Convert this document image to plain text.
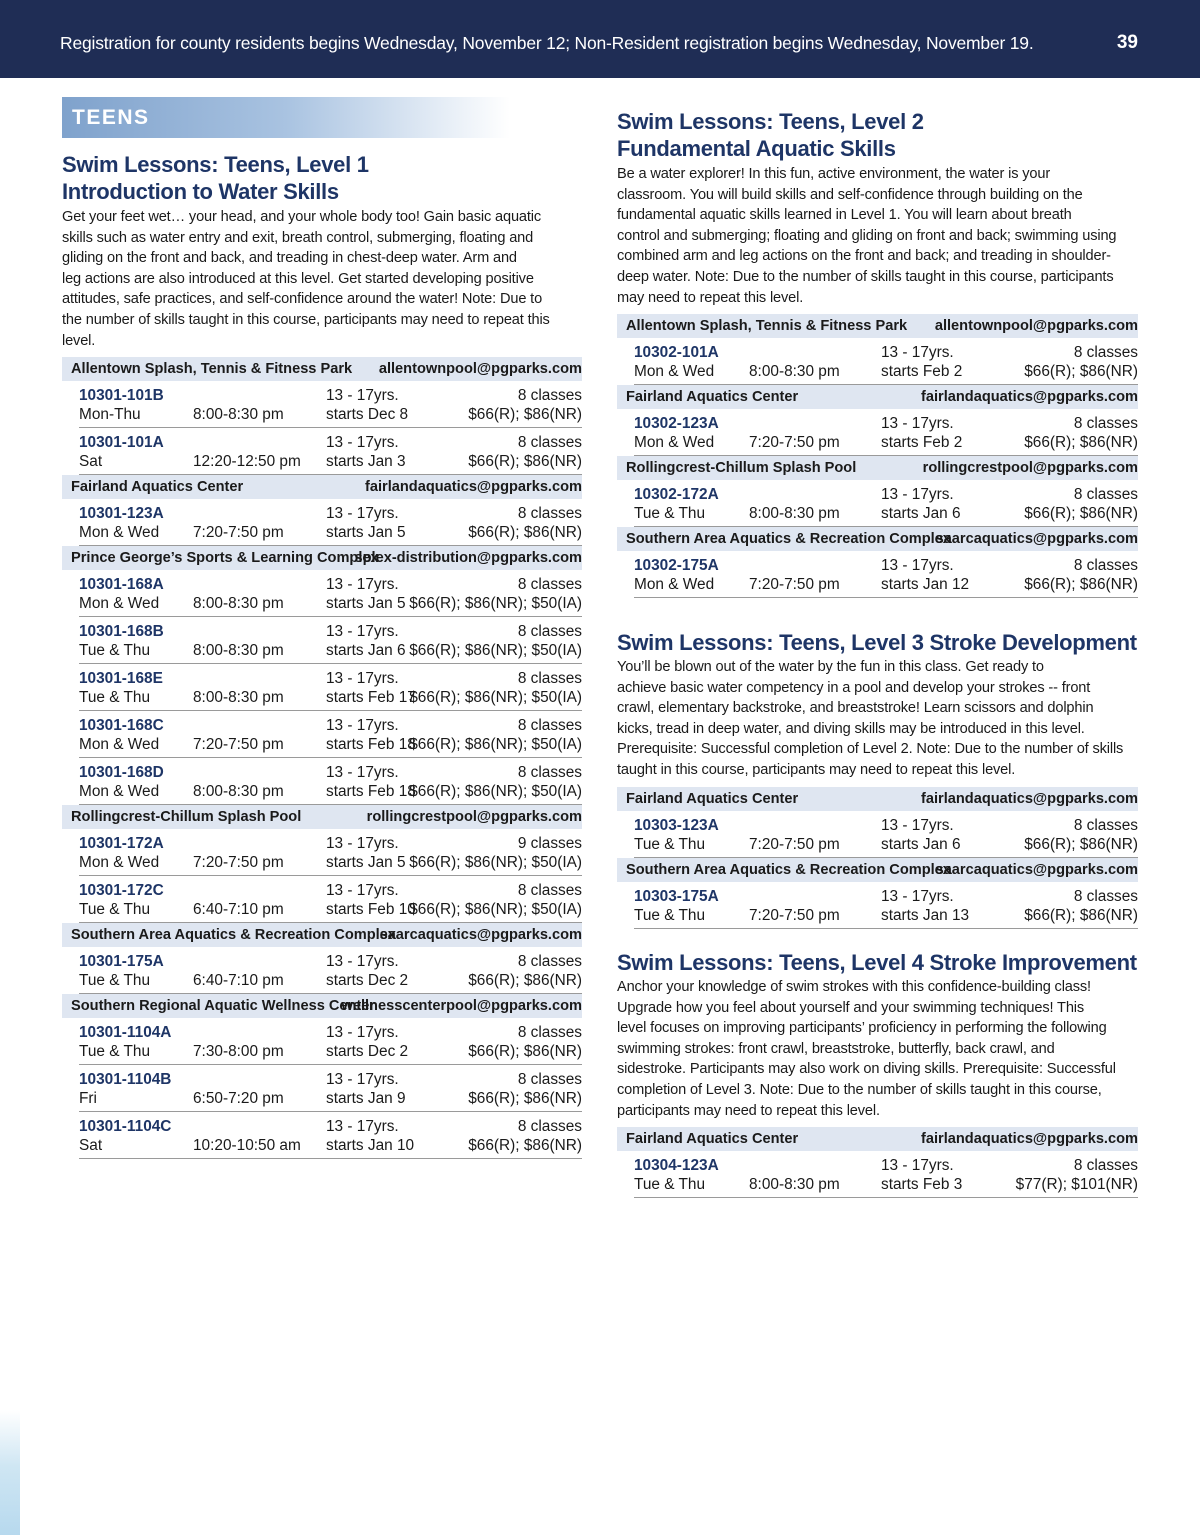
Registration for county residents begins Wednesday, November 12; Non-Resident registration begins Wednesday, November 19.	39
TEENS
Swim Lessons: Teens, Level 1
Introduction to Water Skills
Get your feet wet… your head, and your whole body too! Gain basic aquatic
skills such as water entry and exit, breath control, submerging, floating and
gliding on the front and back, and treading in chest-deep water. Arm and
leg actions are also introduced at this level. Get started developing positive
attitudes, safe practices, and self-confidence around the water! Note: Due to
the number of skills taught in this course, participants may need to repeat this
level.
Allentown Splash, Tennis & Fitness Park allentownpool@pgparks.com
10301-101B
Mon-Thu	8:00-8:30 pm
13 - 17yrs.
starts Dec 8
8 classes
$66(R); $86(NR)
10301-101A
Sat	12:20-12:50 pm
13 - 17yrs.
starts Jan 3
8 classes
$66(R); $86(NR)
Fairland Aquatics Center	fairlandaquatics@pgparks.com
10301-123A
Mon & Wed 7:20-7:50 pm
13 - 17yrs.
starts Jan 5
8 classes
$66(R); $86(NR)
Prince George’s Sports & Learning Complex
splex-distribution@pgparks.com
10301-168A
Mon & Wed 8:00-8:30 pm
13 - 17yrs.
starts Jan 5
8 classes
$66(R); $86(NR); $50(IA)
10301-168B
Tue & Thu	8:00-8:30 pm
13 - 17yrs.
starts Jan 6
8 classes
$66(R); $86(NR); $50(IA)
10301-168E
Tue & Thu	8:00-8:30 pm
13 - 17yrs.
starts Feb 17
8 classes
$66(R); $86(NR); $50(IA)
10301-168C
Mon & Wed 7:20-7:50 pm
13 - 17yrs.
starts Feb 18
8 classes
$66(R); $86(NR); $50(IA)
10301-168D
Mon & Wed 8:00-8:30 pm
13 - 17yrs.
starts Feb 18
8 classes
$66(R); $86(NR); $50(IA)
Rollingcrest-Chillum Splash Pool	rollingcrestpool@pgparks.com
10301-172A
Mon & Wed 7:20-7:50 pm
13 - 17yrs.
starts Jan 5
9 classes
$66(R); $86(NR); $50(IA)
10301-172C
Tue & Thu	6:40-7:10 pm
13 - 17yrs.
starts Feb 10
8 classes
$66(R); $86(NR); $50(IA)
Southern Area Aquatics & Recreation Complex
saarcaquatics@pgparks.com
10301-175A
Tue & Thu	6:40-7:10 pm
13 - 17yrs.
starts Dec 2
8 classes
$66(R); $86(NR)
Southern Regional Aquatic Wellness Center
wellnesscenterpool@pgparks.com
10301-1104A
Tue & Thu	7:30-8:00 pm
13 - 17yrs.
starts Dec 2
8 classes
$66(R); $86(NR)
10301-1104B
Fri	6:50-7:20 pm
13 - 17yrs.
starts Jan 9
8 classes
$66(R); $86(NR)
10301-1104C
Sat	10:20-10:50 am
13 - 17yrs.
starts Jan 10
8 classes
$66(R); $86(NR)
Swim Lessons: Teens, Level 2
Fundamental Aquatic Skills
Be a water explorer! In this fun, active environment, the water is your
classroom. You will build skills and self-confidence through building on the
fundamental aquatic skills learned in Level 1. You will learn about breath
control and submerging; floating and gliding on front and back; swimming using
combined arm and leg actions on the front and back; and treading in shoulder-
deep water. Note: Due to the number of skills taught in this course, participants
may need to repeat this level.
Allentown Splash, Tennis & Fitness Park allentownpool@pgparks.com
10302-101A
Mon & Wed 8:00-8:30 pm
13 - 17yrs.
starts Feb 2
8 classes
$66(R); $86(NR)
Fairland Aquatics Center	fairlandaquatics@pgparks.com
10302-123A
Mon & Wed 7:20-7:50 pm
13 - 17yrs.
starts Feb 2
8 classes
$66(R); $86(NR)
Rollingcrest-Chillum Splash Pool	rollingcrestpool@pgparks.com
10302-172A
Tue & Thu	8:00-8:30 pm
13 - 17yrs.
starts Jan 6
8 classes
$66(R); $86(NR)
Southern Area Aquatics & Recreation Complex
saarcaquatics@pgparks.com
10302-175A
Mon & Wed 7:20-7:50 pm
13 - 17yrs.
starts Jan 12
8 classes
$66(R); $86(NR)
Swim Lessons: Teens, Level 3 Stroke Development
You’ll be blown out of the water by the fun in this class. Get ready to
achieve basic water competency in a pool and develop your strokes -- front
crawl, elementary backstroke, and breaststroke! Learn scissors and dolphin
kicks, tread in deep water, and diving skills may be introduced in this level.
Prerequisite: Successful completion of Level 2. Note: Due to the number of skills
taught in this course, participants may need to repeat this level.
Fairland Aquatics Center	fairlandaquatics@pgparks.com
10303-123A
Tue & Thu	7:20-7:50 pm
13 - 17yrs.
starts Jan 6
8 classes
$66(R); $86(NR)
Southern Area Aquatics & Recreation Complex
saarcaquatics@pgparks.com
10303-175A
Tue & Thu	7:20-7:50 pm
13 - 17yrs.
starts Jan 13
8 classes
$66(R); $86(NR)
Swim Lessons: Teens, Level 4 Stroke Improvement
Anchor your knowledge of swim strokes with this confidence-building class!
Upgrade how you feel about yourself and your swimming techniques! This
level focuses on improving participants’ proficiency in performing the following
swimming strokes: front crawl, breaststroke, butterfly, back crawl, and
sidestroke. Participants may also work on diving skills. Prerequisite: Successful
completion of Level 3. Note: Due to the number of skills taught in this course,
participants may need to repeat this level.
Fairland Aquatics Center	fairlandaquatics@pgparks.com
10304-123A
Tue & Thu	8:00-8:30 pm
13 - 17yrs.
starts Feb 3
8 classes
$77(R); $101(NR)
